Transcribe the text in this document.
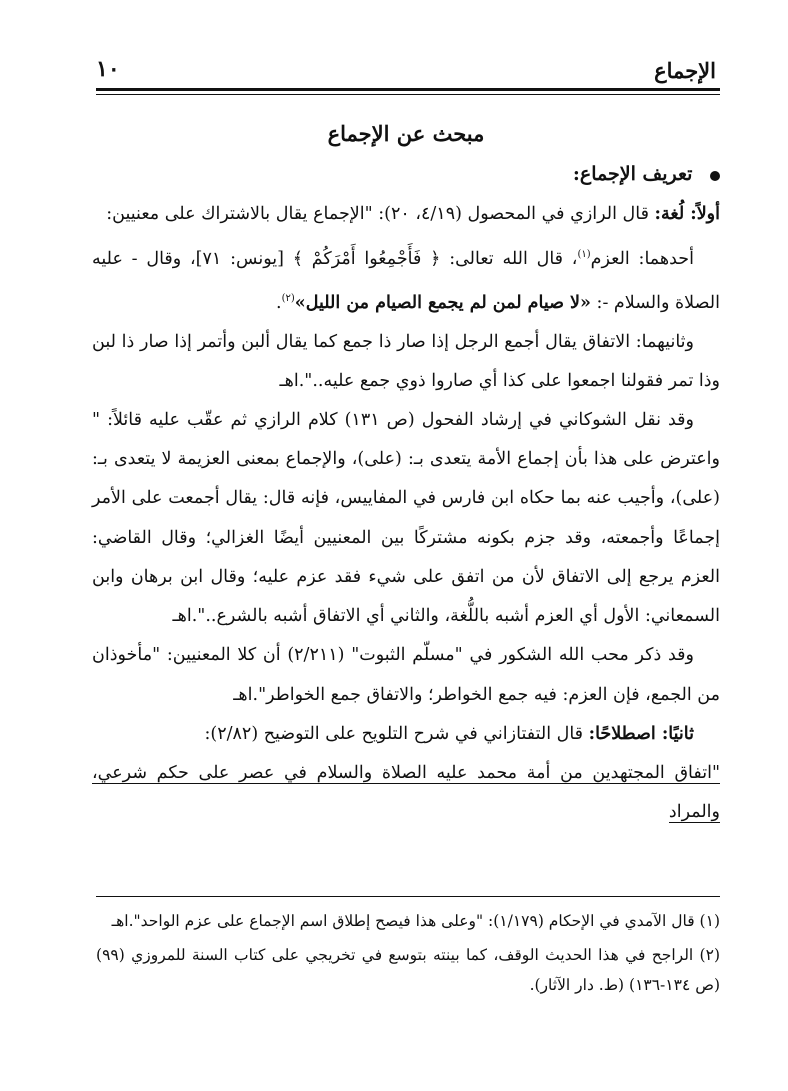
الإجماع
١٠
مبحث عن الإجماع

تعريف الإجماع:

أولاً: لُغة: قال الرازي في المحصول (٤/١٩، ٢٠): "الإجماع يقال بالاشتراك على معنيين:

أحدهما: العزم$^{(١)}$، قال الله تعالى: ﴿ فَأَجْمِعُوا أَمْرَكُمْ ﴾ [يونس: ٧١]، وقال - عليه الصلاة والسلام -: «لا صيام لمن لم يجمع الصيام من الليل»$^{(٢)}$.

وثانيهما: الاتفاق يقال أجمع الرجل إذا صار ذا جمع كما يقال ألبن وأتمر إذا صار ذا لبن وذا تمر فقولنا اجمعوا على كذا أي صاروا ذوي جمع عليه..".اهـ

وقد نقل الشوكاني في إرشاد الفحول (ص ١٣١) كلام الرازي ثم عقّب عليه قائلاً: " واعترض على هذا بأن إجماع الأمة يتعدى بـ: (على)، والإجماع بمعنى العزيمة لا يتعدى بـ: (على)، وأجيب عنه بما حكاه ابن فارس في المفاييس، فإنه قال: يقال أجمعت على الأمر إجماعًا وأجمعته، وقد جزم بكونه مشتركًا بين المعنيين أيضًا الغزالي؛ وقال القاضي: العزم يرجع إلى الاتفاق لأن من اتفق على شيء فقد عزم عليه؛ وقال ابن برهان وابن السمعاني: الأول أي العزم أشبه باللُّغة، والثاني أي الاتفاق أشبه بالشرع..".اهـ

وقد ذكر محب الله الشكور في "مسلّم الثبوت" (٢/٢١١) أن كلا المعنيين: "مأخوذان من الجمع، فإن العزم: فيه جمع الخواطر؛ والاتفاق جمع الخواطر".اهـ

ثانيًا: اصطلاحًا: قال التفتازاني في شرح التلويح على التوضيح (٢/٨٢):

"اتفاق المجتهدين من أمة محمد عليه الصلاة والسلام في عصر على حكم شرعي، والمراد

(١) قال الآمدي في الإحكام (١/١٧٩): "وعلى هذا فيصح إطلاق اسم الإجماع على عزم الواحد".اهـ

(٢) الراجح في هذا الحديث الوقف، كما بينته بتوسع في تخريجي على كتاب السنة للمروزي (٩٩) (ص ١٣٤-١٣٦) (ط. دار الآثار).
